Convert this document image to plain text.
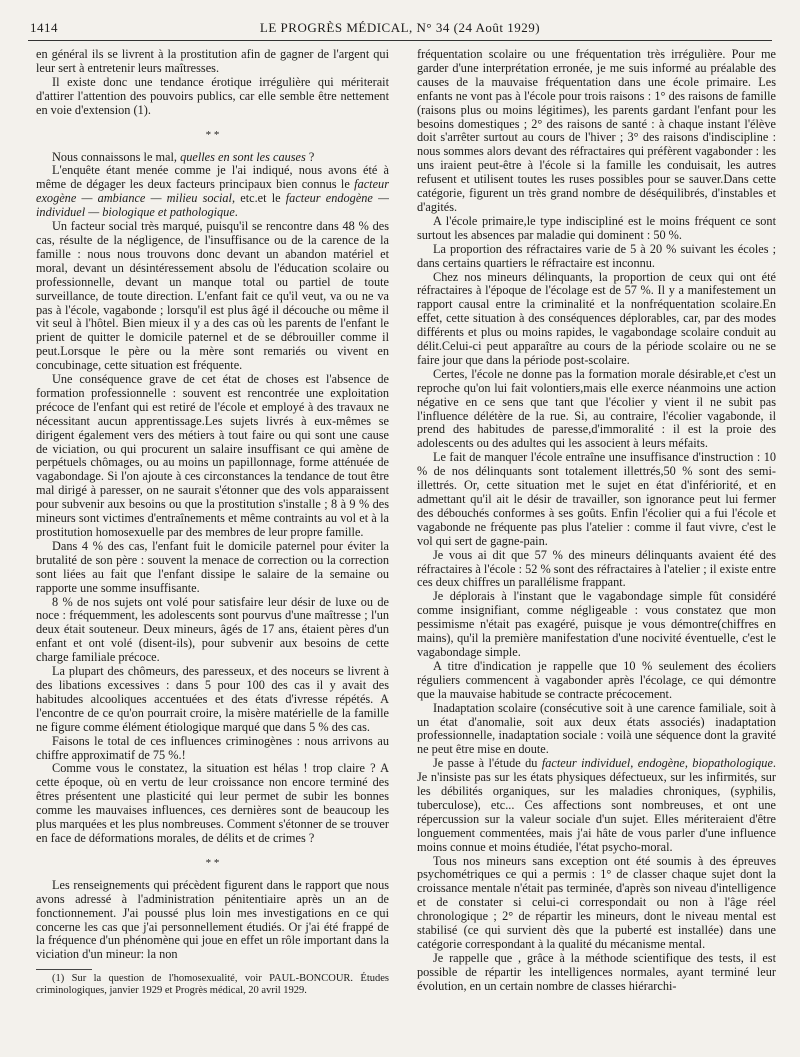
1414	LE PROGRÈS MÉDICAL, N° 34 (24 Août 1929)

en général ils se livrent à la prostitution afin de gagner de l'argent qui leur sert à entretenir leurs maîtresses.

Il existe donc une tendance érotique irrégulière qui mériterait d'attirer l'attention des pouvoirs publics, car elle semble être nettement en voie d'extension (1).

* *

Nous connaissons le mal, quelles en sont les causes ?

L'enquête étant menée comme je l'ai indiqué, nous avons été à même de dégager les deux facteurs principaux bien connus le facteur exogène — ambiance — milieu social, etc.et le facteur endogène — individuel — biologique et pathologique.

Un facteur social très marqué, puisqu'il se rencontre dans 48 % des cas, résulte de la négligence, de l'insuffisance ou de la carence de la famille : nous nous trouvons donc devant un abandon matériel et moral, devant un désintéressement absolu de l'éducation scolaire ou professionnelle, devant un manque total ou partiel de toute surveillance, de toute direction. L'enfant fait ce qu'il veut, va ou ne va pas à l'école, vagabonde ; lorsqu'il est plus âgé il découche ou même il vit seul à l'hôtel. Bien mieux il y a des cas où les parents de l'enfant le prient de quitter le domicile paternel et de se débrouiller comme il peut.Lorsque le père ou la mère sont remariés ou vivent en concubinage, cette situation est fréquente.

Une conséquence grave de cet état de choses est l'absence de formation professionnelle : souvent est rencontrée une exploitation précoce de l'enfant qui est retiré de l'école et employé à des travaux ne nécessitant aucun apprentissage.Les sujets livrés à eux-mêmes se dirigent également vers des métiers à tout faire ou qui sont une cause de viciation, ou qui procurent un salaire insuffisant ce qui amène de perpétuels chômages, ou au moins un papillonnage, forme atténuée de vagabondage. Si l'on ajoute à ces circonstances la tendance de tout être mal dirigé à paresser, on ne saurait s'étonner que des vols apparaissent pour subvenir aux besoins ou que la prostitution s'installe ; 8 à 9 % des mineurs sont victimes d'entraînements et même contraints au vol et à la prostitution homosexuelle par des membres de leur propre famille.

Dans 4 % des cas, l'enfant fuit le domicile paternel pour éviter la brutalité de son père : souvent la menace de correction ou la correction sont liées au fait que l'enfant dissipe le salaire de la semaine ou rapporte une somme insuffisante.

8 % de nos sujets ont volé pour satisfaire leur désir de luxe ou de noce : fréquemment, les adolescents sont pourvus d'une maîtresse ; l'un deux était souteneur. Deux mineurs, âgés de 17 ans, étaient pères d'un enfant et ont volé (disent-ils), pour subvenir aux besoins de cette charge familiale précoce.

La plupart des chômeurs, des paresseux, et des noceurs se livrent à des libations excessives : dans 5 pour 100 des cas il y avait des habitudes alcooliques accentuées et des états d'ivresse répétés. A l'encontre de ce qu'on pourrait croire, la misère matérielle de la famille ne figure comme élément étiologique marqué que dans 5 % des cas.

Faisons le total de ces influences criminogènes : nous arrivons au chiffre approximatif de 75 %.!

Comme vous le constatez, la situation est hélas ! trop claire ? A cette époque, où en vertu de leur croissance non encore terminé des êtres présentent une plasticité qui leur permet de subir les bonnes comme les mauvaises influences, ces dernières sont de beaucoup les plus marquées et les plus nombreuses. Comment s'étonner de se trouver en face de déformations morales, de délits et de crimes ?

* *

Les renseignements qui précèdent figurent dans le rapport que nous avons adressé à l'administration pénitentiaire après un an de fonctionnement. J'ai poussé plus loin mes investigations en ce qui concerne les cas que j'ai personnellement étudiés. Or j'ai été frappé de la fréquence d'un phénomène qui joue en effet un rôle important dans la viciation d'un mineur: la non

(1) Sur la question de l'homosexualité, voir PAUL-BONCOUR. Études criminologiques, janvier 1929 et Progrès médical, 20 avril 1929.

fréquentation scolaire ou une fréquentation très irrégulière. Pour me garder d'une interprétation erronée, je me suis informé au préalable des causes de la mauvaise fréquentation dans une école primaire. Les enfants ne vont pas à l'école pour trois raisons : 1° des raisons de famille (raisons plus ou moins légitimes), les parents gardant l'enfant pour les besoins domestiques ; 2° des raisons de santé : à chaque instant l'élève doit s'arrêter surtout au cours de l'hiver ; 3° des raisons d'indiscipline : nous sommes alors devant des réfractaires qui préfèrent vagabonder : les uns iraient peut-être à l'école si la famille les conduisait, les autres refusent et utilisent toutes les ruses possibles pour se sauver.Dans cette catégorie, figurent un très grand nombre de déséquilibrés, d'instables et d'agités.

A l'école primaire,le type indiscipliné est le moins fréquent ce sont surtout les absences par maladie qui dominent : 50 %.

La proportion des réfractaires varie de 5 à 20 % suivant les écoles ; dans certains quartiers le réfractaire est inconnu.

Chez nos mineurs délinquants, la proportion de ceux qui ont été réfractaires à l'époque de l'écolage est de 57 %. Il y a manifestement un rapport causal entre la criminalité et la nonfréquentation scolaire.En effet, cette situation à des conséquences déplorables, car, par des modes différents et plus ou moins rapides, le vagabondage scolaire conduit au délit.Celui-ci peut apparaître au cours de la période scolaire ou ne se faire jour que dans la période post-scolaire.

Certes, l'école ne donne pas la formation morale désirable,et c'est un reproche qu'on lui fait volontiers,mais elle exerce néanmoins une action négative en ce sens que tant que l'écolier y vient il ne subit pas l'influence délétère de la rue. Si, au contraire, l'écolier vagabonde, il prend des habitudes de paresse,d'immoralité : il est la proie des adolescents ou des adultes qui les associent à leurs méfaits.

Le fait de manquer l'école entraîne une insuffisance d'instruction : 10 % de nos délinquants sont totalement illettrés,50 % sont des semi-illettrés. Or, cette situation met le sujet en état d'infériorité, et en admettant qu'il ait le désir de travailler, son ignorance peut lui fermer des débouchés conformes à ses goûts. Enfin l'écolier qui a fui l'école et vagabonde ne fréquente pas plus l'atelier : comme il faut vivre, c'est le vol qui sert de gagne-pain.

Je vous ai dit que 57 % des mineurs délinquants avaient été des réfractaires à l'école : 52 % sont des réfractaires à l'atelier ; il existe entre ces deux chiffres un parallélisme frappant.

Je déplorais à l'instant que le vagabondage simple fût considéré comme insignifiant, comme négligeable : vous constatez que mon pessimisme n'était pas exagéré, puisque je vous démontre(chiffres en mains), qu'il la première manifestation d'une nocivité éventuelle, c'est le vagabondage simple.

A titre d'indication je rappelle que 10 % seulement des écoliers réguliers commencent à vagabonder après l'écolage, ce qui démontre que la mauvaise habitude se contracte précocement.

Inadaptation scolaire (consécutive soit à une carence familiale, soit à un état d'anomalie, soit aux deux états associés) inadaptation professionnelle, inadaptation sociale : voilà une séquence dont la gravité ne peut être mise en doute.

Je passe à l'étude du facteur individuel, endogène, biopathologique. Je n'insiste pas sur les états physiques défectueux, sur les infirmités, sur les débilités organiques, sur les maladies chroniques, (syphilis, tuberculose), etc... Ces affections sont nombreuses, et ont une répercussion sur la valeur sociale d'un sujet. Elles mériteraient d'être longuement commentées, mais j'ai hâte de vous parler d'une influence moins connue et moins étudiée, l'état psycho-moral.

Tous nos mineurs sans exception ont été soumis à des épreuves psychométriques ce qui a permis : 1° de classer chaque sujet dont la croissance mentale n'était pas terminée, d'après son niveau d'intelligence et de constater si celui-ci correspondait ou non à l'âge réel chronologique ; 2° de répartir les mineurs, dont le niveau mental est stabilisé (ce qui survient dès que la puberté est installée) dans une catégorie correspondant à la qualité du mécanisme mental.

Je rappelle que , grâce à la méthode scientifique des tests, il est possible de répartir les intelligences normales, ayant terminé leur évolution, en un certain nombre de classes hiérarchi-
